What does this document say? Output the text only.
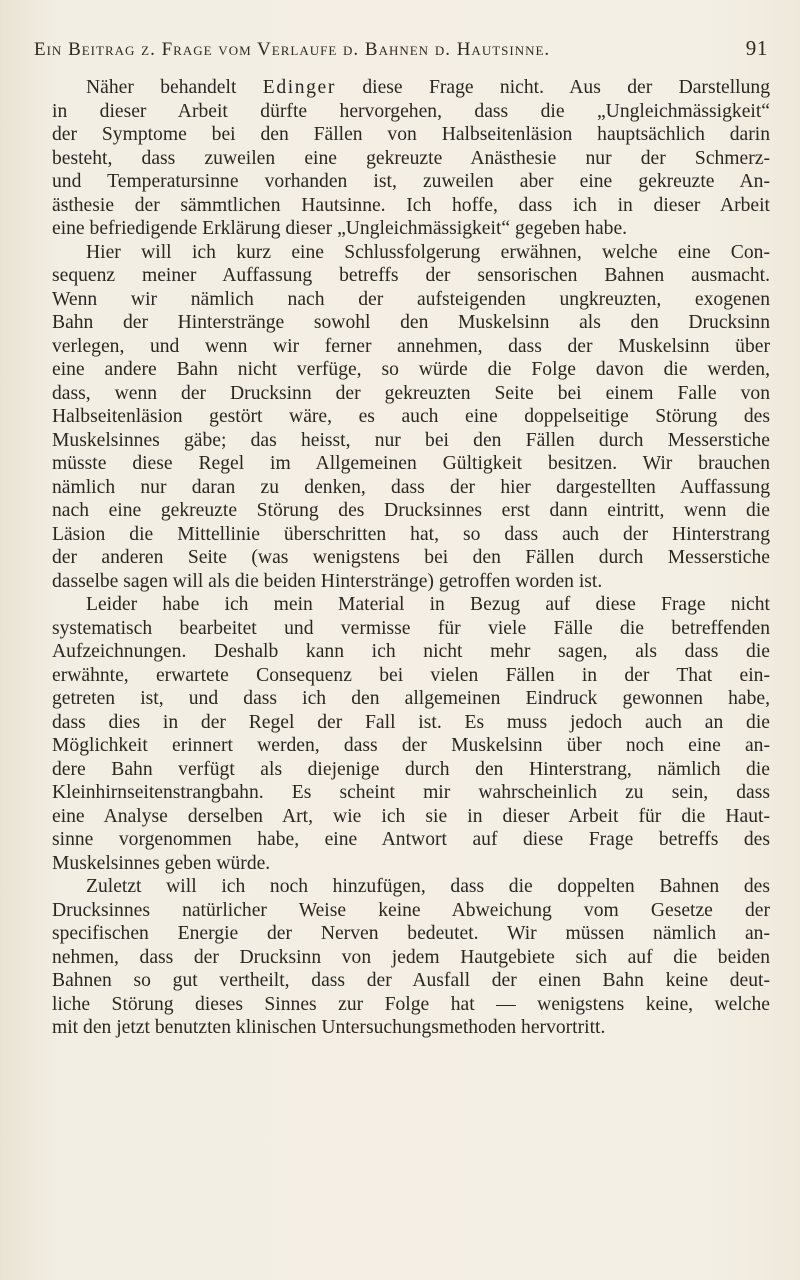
Ein Beitrag z. Frage vom Verlaufe d. Bahnen d. Hautsinne.	91

Näher behandelt Edinger diese Frage nicht. Aus der Darstellung
in dieser Arbeit dürfte hervorgehen, dass die „Ungleichmässigkeit“
der Symptome bei den Fällen von Halbseitenläsion hauptsächlich darin
besteht, dass zuweilen eine gekreuzte Anästhesie nur der Schmerz-
und Temperatursinne vorhanden ist, zuweilen aber eine gekreuzte An-
ästhesie der sämmtlichen Hautsinne. Ich hoffe, dass ich in dieser Arbeit
eine befriedigende Erklärung dieser „Ungleichmässigkeit“ gegeben habe.

Hier will ich kurz eine Schlussfolgerung erwähnen, welche eine Con-
sequenz meiner Auffassung betreffs der sensorischen Bahnen ausmacht.
Wenn wir nämlich nach der aufsteigenden ungkreuzten, exogenen
Bahn der Hinterstränge sowohl den Muskelsinn als den Drucksinn
verlegen, und wenn wir ferner annehmen, dass der Muskelsinn über
eine andere Bahn nicht verfüge, so würde die Folge davon die werden,
dass, wenn der Drucksinn der gekreuzten Seite bei einem Falle von
Halbseitenläsion gestört wäre, es auch eine doppelseitige Störung des
Muskelsinnes gäbe; das heisst, nur bei den Fällen durch Messerstiche
müsste diese Regel im Allgemeinen Gültigkeit besitzen. Wir brauchen
nämlich nur daran zu denken, dass der hier dargestellten Auffassung
nach eine gekreuzte Störung des Drucksinnes erst dann eintritt, wenn die
Läsion die Mittellinie überschritten hat, so dass auch der Hinterstrang
der anderen Seite (was wenigstens bei den Fällen durch Messerstiche
dasselbe sagen will als die beiden Hinterstränge) getroffen worden ist.

Leider habe ich mein Material in Bezug auf diese Frage nicht
systematisch bearbeitet und vermisse für viele Fälle die betreffenden
Aufzeichnungen. Deshalb kann ich nicht mehr sagen, als dass die
erwähnte, erwartete Consequenz bei vielen Fällen in der That ein-
getreten ist, und dass ich den allgemeinen Eindruck gewonnen habe,
dass dies in der Regel der Fall ist. Es muss jedoch auch an die
Möglichkeit erinnert werden, dass der Muskelsinn über noch eine an-
dere Bahn verfügt als diejenige durch den Hinterstrang, nämlich die
Kleinhirnseitenstrangbahn. Es scheint mir wahrscheinlich zu sein, dass
eine Analyse derselben Art, wie ich sie in dieser Arbeit für die Haut-
sinne vorgenommen habe, eine Antwort auf diese Frage betreffs des
Muskelsinnes geben würde.

Zuletzt will ich noch hinzufügen, dass die doppelten Bahnen des
Drucksinnes natürlicher Weise keine Abweichung vom Gesetze der
specifischen Energie der Nerven bedeutet. Wir müssen nämlich an-
nehmen, dass der Drucksinn von jedem Hautgebiete sich auf die beiden
Bahnen so gut vertheilt, dass der Ausfall der einen Bahn keine deut-
liche Störung dieses Sinnes zur Folge hat — wenigstens keine, welche
mit den jetzt benutzten klinischen Untersuchungsmethoden hervortritt.
